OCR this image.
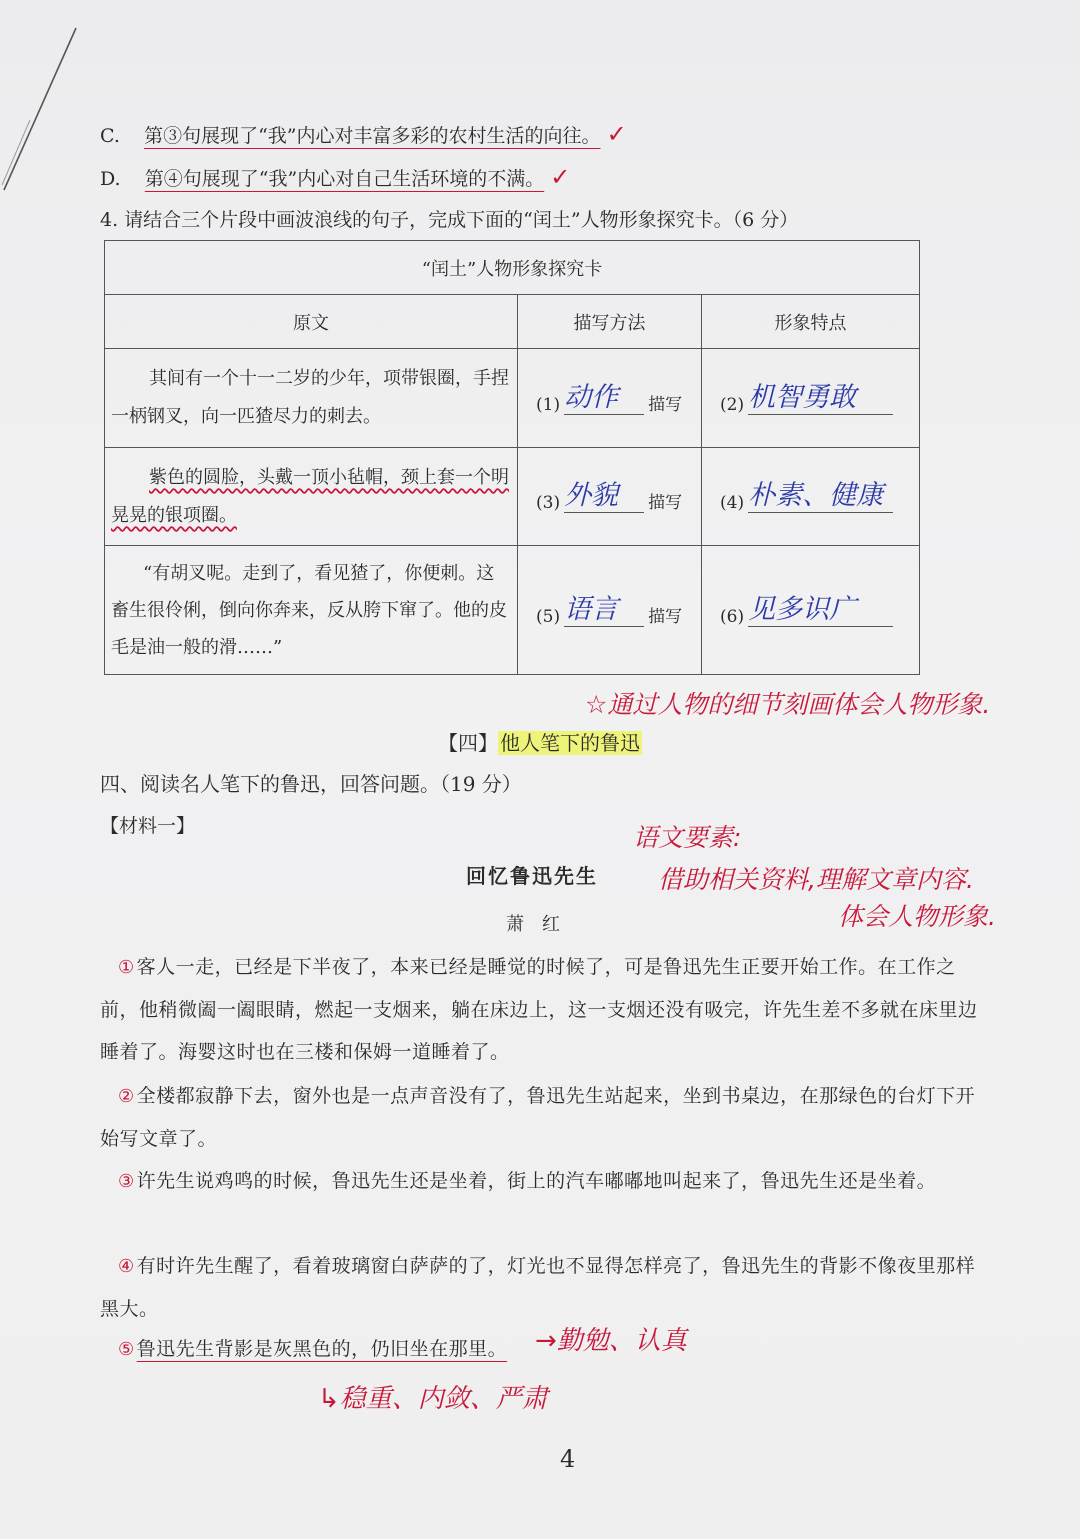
C. 第③句展现了“我”内心对丰富多彩的农村生活的向往。 ✓
D. 第④句展现了“我”内心对自己生活环境的不满。 ✓
4. 请结合三个片段中画波浪线的句子，完成下面的“闰土”人物形象探究卡。（6 分）
“闰土”人物形象探究卡		
原文	描写方法	形象特点
其间有一个十一二岁的少年，项带银圈，手捏一柄钢叉，向一匹猹尽力的刺去。	(1) 动作 描写	(2) 机智勇敢

紫色的圆脸，头戴一顶小毡帽，颈上套一个明晃晃的银项圈。	(3) 外貌 描写	(4) 朴素、健康

“有胡叉呢。走到了，看见猹了，你便刺。这畜生很伶俐，倒向你奔来，反从胯下窜了。他的皮毛是油一般的滑……”	(5) 语言 描写	(6) 见多识广
☆通过人物的细节刻画体会人物形象.
【四】 他人笔下的鲁迅
四、阅读名人笔下的鲁迅，回答问题。（19 分）
【材料一】	语文要素:
借助相关资料,理解文章内容.
体会人物形象.
回忆鲁迅先生
萧　红
① 客人一走，已经是下半夜了，本来已经是睡觉的时候了，可是鲁迅先生正要开始工作。在工作之前，他稍微阖一阖眼睛，燃起一支烟来，躺在床边上，这一支烟还没有吸完，许先生差不多就在床里边睡着了。海婴这时也在三楼和保姆一道睡着了。
② 全楼都寂静下去，窗外也是一点声音没有了，鲁迅先生站起来，坐到书桌边，在那绿色的台灯下开始写文章了。
③ 许先生说鸡鸣的时候，鲁迅先生还是坐着，街上的汽车嘟嘟地叫起来了，鲁迅先生还是坐着。
④ 有时许先生醒了，看着玻璃窗白萨萨的了，灯光也不显得怎样亮了，鲁迅先生的背影不像夜里那样黑大。
⑤ 鲁迅先生背影是灰黑色的，仍旧坐在那里。	→勤勉、认真
↳稳重、内敛、严肃
4
